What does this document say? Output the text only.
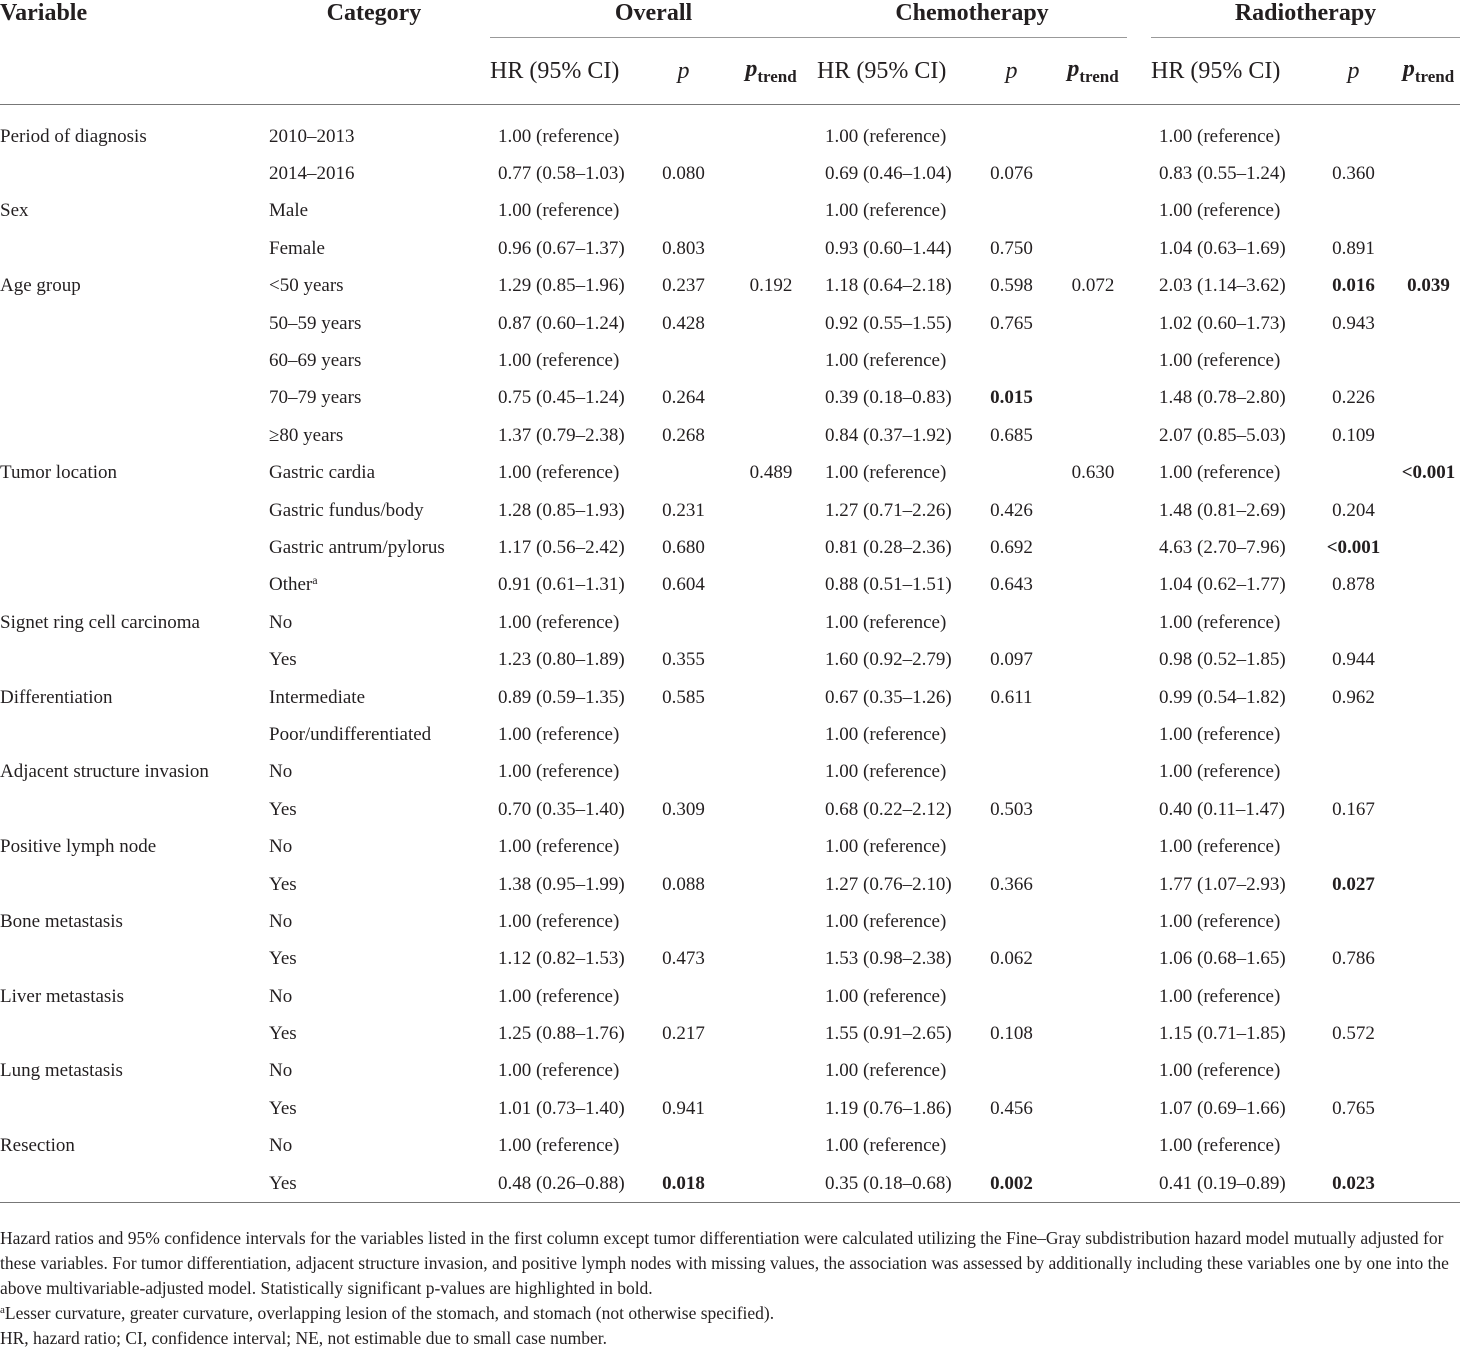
Variable	Category	Overall			Chemotherapy				Radiotherapy		
		HR (95% CI)	p	$p_{trend}$	HR (95% CI)	p	$p_{trend}$		HR (95% CI)	p	$p_{trend}$

Period of diagnosis	2010–2013	1.00 (reference)			1.00 (reference)				1.00 (reference)		
	2014–2016	0.77 (0.58–1.03)	0.080		0.69 (0.46–1.04)	0.076			0.83 (0.55–1.24)	0.360	
Sex	Male	1.00 (reference)			1.00 (reference)				1.00 (reference)		
	Female	0.96 (0.67–1.37)	0.803		0.93 (0.60–1.44)	0.750			1.04 (0.63–1.69)	0.891	
Age group	<50 years	1.29 (0.85–1.96)	0.237	0.192	1.18 (0.64–2.18)	0.598	0.072		2.03 (1.14–3.62)	0.016	0.039
	50–59 years	0.87 (0.60–1.24)	0.428		0.92 (0.55–1.55)	0.765			1.02 (0.60–1.73)	0.943	
	60–69 years	1.00 (reference)			1.00 (reference)				1.00 (reference)		
	70–79 years	0.75 (0.45–1.24)	0.264		0.39 (0.18–0.83)	0.015			1.48 (0.78–2.80)	0.226	
	≥80 years	1.37 (0.79–2.38)	0.268		0.84 (0.37–1.92)	0.685			2.07 (0.85–5.03)	0.109	
Tumor location	Gastric cardia	1.00 (reference)		0.489	1.00 (reference)		0.630		1.00 (reference)		<0.001
	Gastric fundus/body	1.28 (0.85–1.93)	0.231		1.27 (0.71–2.26)	0.426			1.48 (0.81–2.69)	0.204	
	Gastric antrum/pylorus	1.17 (0.56–2.42)	0.680		0.81 (0.28–2.36)	0.692			4.63 (2.70–7.96)	<0.001	
	Other$^a$	0.91 (0.61–1.31)	0.604		0.88 (0.51–1.51)	0.643			1.04 (0.62–1.77)	0.878	
Signet ring cell carcinoma	No	1.00 (reference)			1.00 (reference)				1.00 (reference)		
	Yes	1.23 (0.80–1.89)	0.355		1.60 (0.92–2.79)	0.097			0.98 (0.52–1.85)	0.944	
Differentiation	Intermediate	0.89 (0.59–1.35)	0.585		0.67 (0.35–1.26)	0.611			0.99 (0.54–1.82)	0.962	
	Poor/undifferentiated	1.00 (reference)			1.00 (reference)				1.00 (reference)		
Adjacent structure invasion	No	1.00 (reference)			1.00 (reference)				1.00 (reference)		
	Yes	0.70 (0.35–1.40)	0.309		0.68 (0.22–2.12)	0.503			0.40 (0.11–1.47)	0.167	
Positive lymph node	No	1.00 (reference)			1.00 (reference)				1.00 (reference)		
	Yes	1.38 (0.95–1.99)	0.088		1.27 (0.76–2.10)	0.366			1.77 (1.07–2.93)	0.027	
Bone metastasis	No	1.00 (reference)			1.00 (reference)				1.00 (reference)		
	Yes	1.12 (0.82–1.53)	0.473		1.53 (0.98–2.38)	0.062			1.06 (0.68–1.65)	0.786	
Liver metastasis	No	1.00 (reference)			1.00 (reference)				1.00 (reference)		
	Yes	1.25 (0.88–1.76)	0.217		1.55 (0.91–2.65)	0.108			1.15 (0.71–1.85)	0.572	
Lung metastasis	No	1.00 (reference)			1.00 (reference)				1.00 (reference)		
	Yes	1.01 (0.73–1.40)	0.941		1.19 (0.76–1.86)	0.456			1.07 (0.69–1.66)	0.765	
Resection	No	1.00 (reference)			1.00 (reference)				1.00 (reference)		
	Yes	0.48 (0.26–0.88)	0.018		0.35 (0.18–0.68)	0.002			0.41 (0.19–0.89)	0.023	

Hazard ratios and 95% confidence intervals for the variables listed in the first column except tumor differentiation were calculated utilizing the Fine–Gray subdistribution hazard model mutually adjusted for these variables. For tumor differentiation, adjacent structure invasion, and positive lymph nodes with missing values, the association was assessed by additionally including these variables one by one into the above multivariable-adjusted model. Statistically significant p-values are highlighted in bold.

$^a$Lesser curvature, greater curvature, overlapping lesion of the stomach, and stomach (not otherwise specified).

HR, hazard ratio; CI, confidence interval; NE, not estimable due to small case number.
